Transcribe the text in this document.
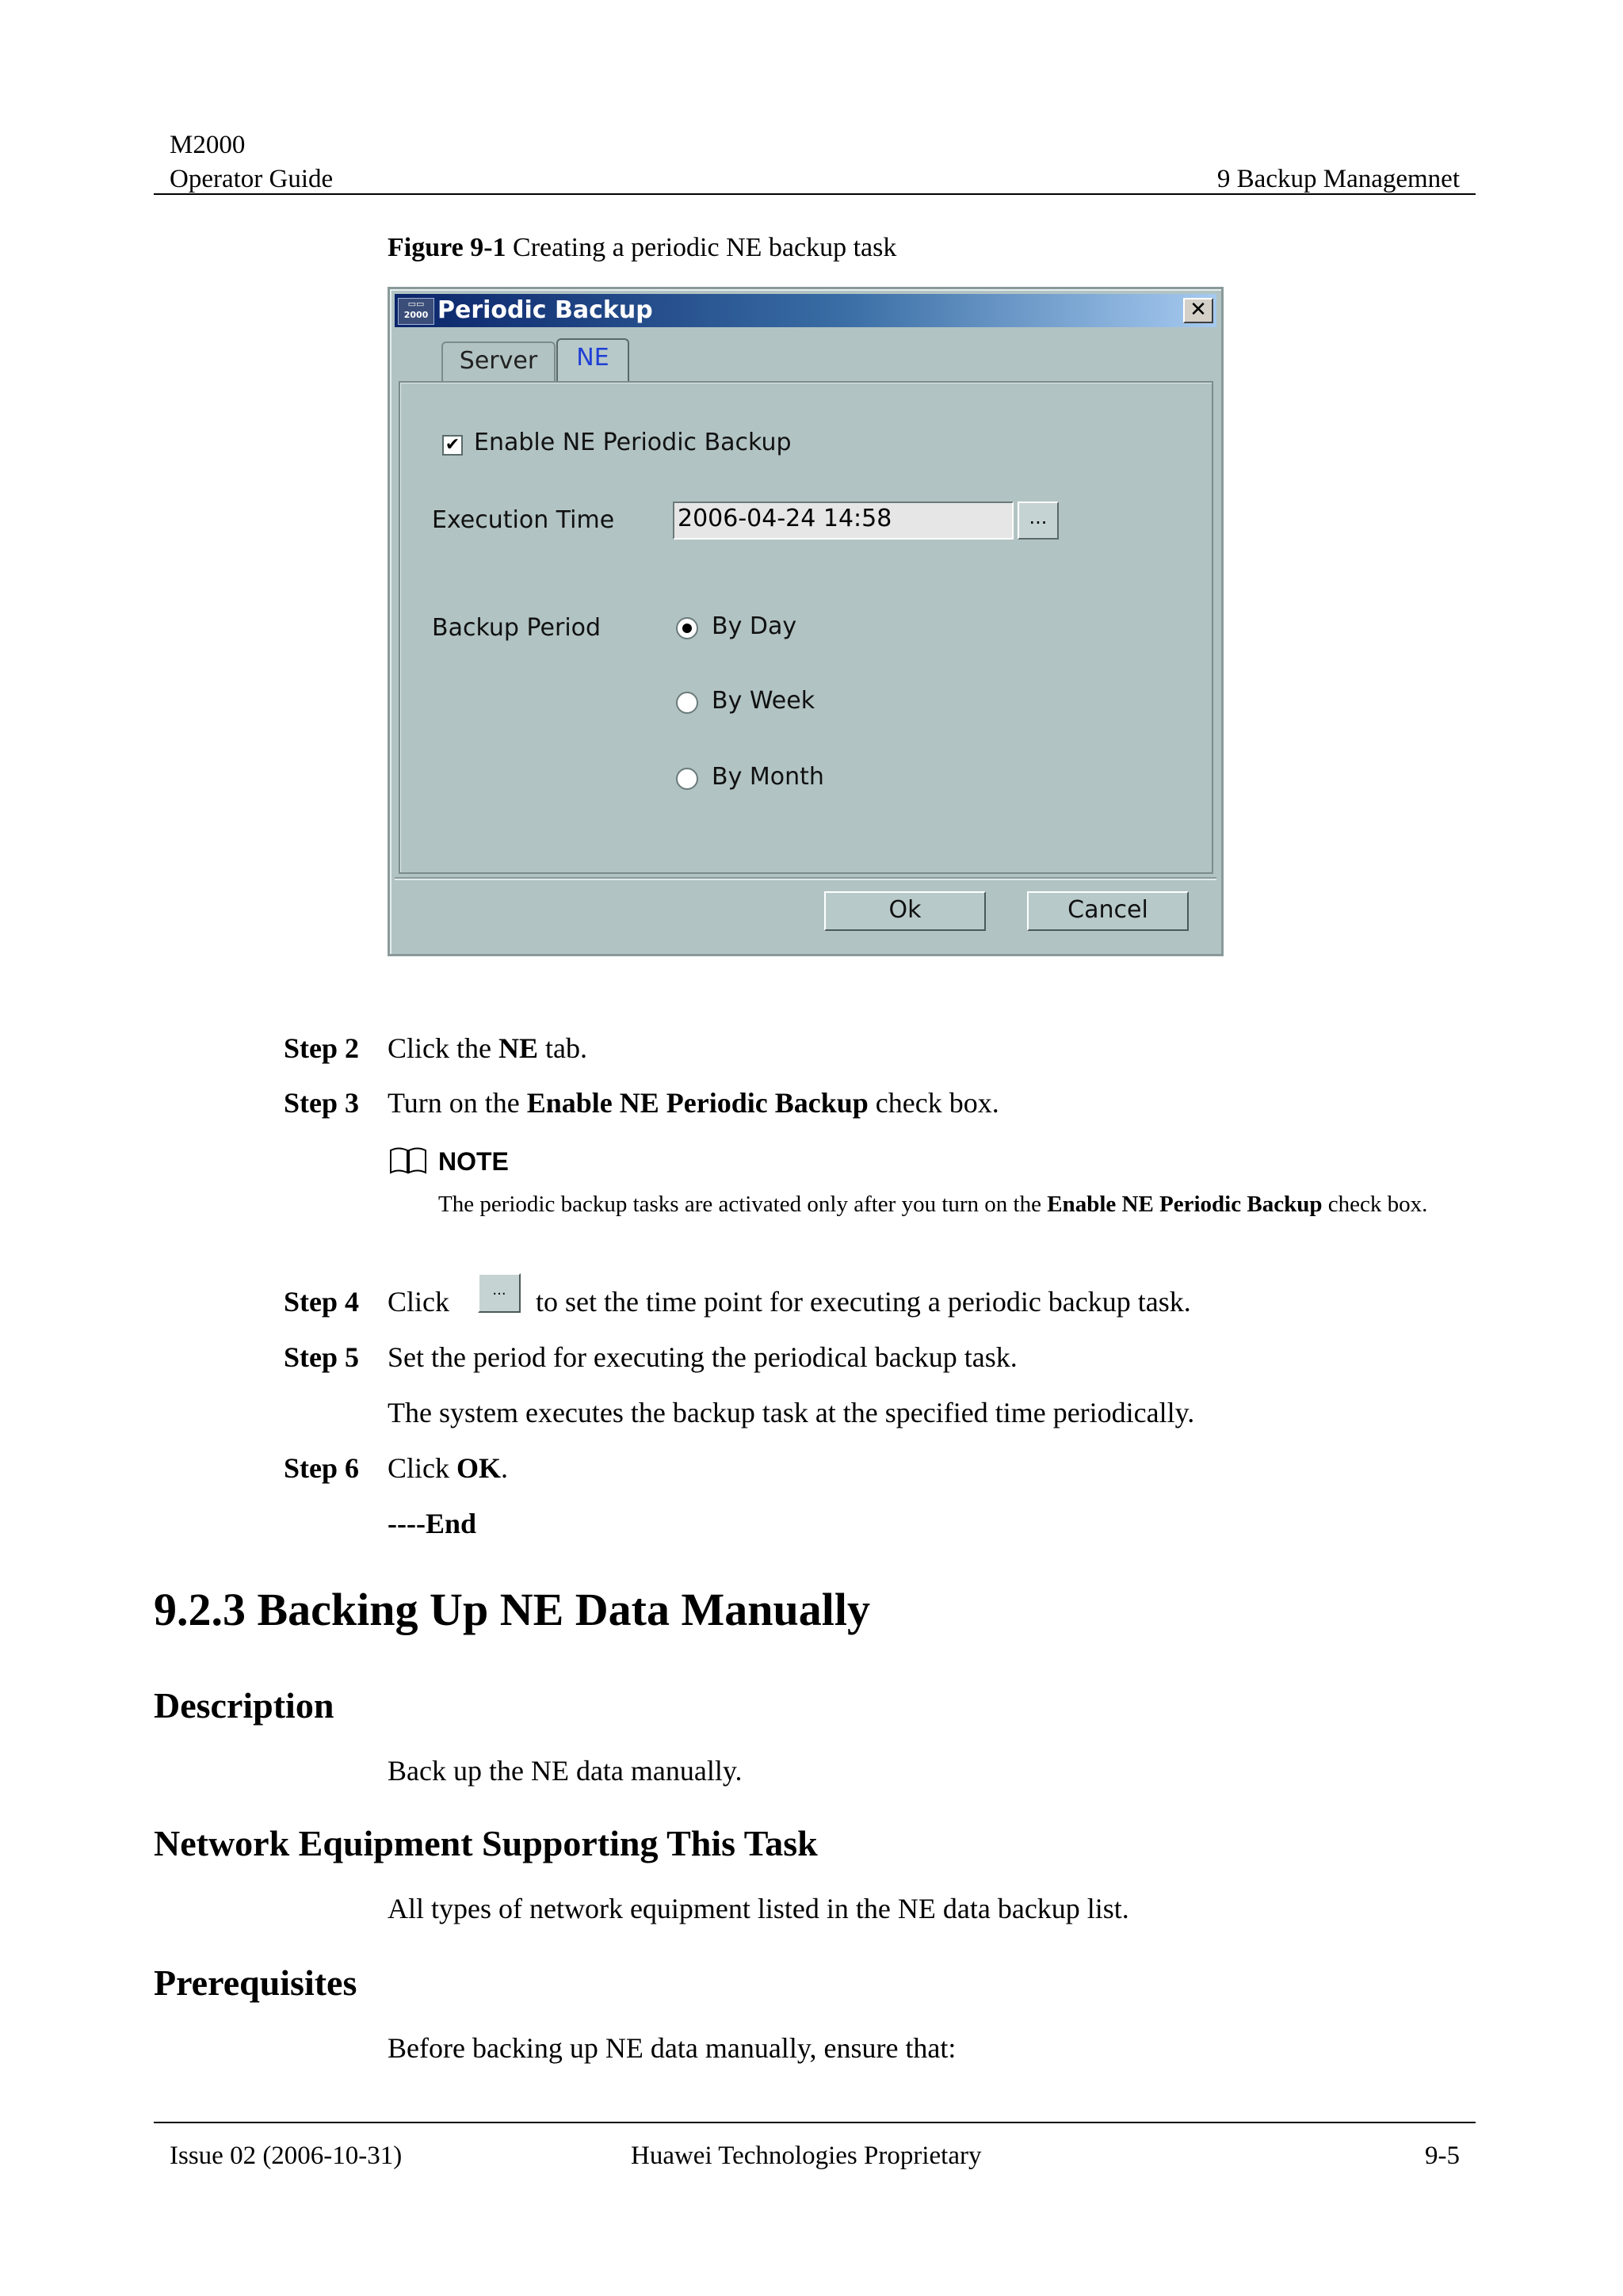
M2000
Operator Guide	9 Backup Managemnet
Figure 9-1 Creating a periodic NE backup task
▭▭
2000 Periodic Backup	✕
Server	NE
✔ Enable NE Periodic Backup
Execution Time	2006-04-24 14:58	...
Backup Period	By Day
By Week
By Month
Ok	Cancel
Step 2 Click the NE tab.
Step 3 Turn on the Enable NE Periodic Backup check box.
NOTE
The periodic backup tasks are activated only after you turn on the Enable NE Periodic Backup check box.
Step 4 Click	...	to set the time point for executing a periodic backup task.
Step 5 Set the period for executing the periodical backup task.
The system executes the backup task at the specified time periodically.
Step 6 Click OK.
----End
9.2.3 Backing Up NE Data Manually
Description
Back up the NE data manually.
Network Equipment Supporting This Task
All types of network equipment listed in the NE data backup list.
Prerequisites
Before backing up NE data manually, ensure that:
Issue 02 (2006-10-31)	Huawei Technologies Proprietary	9-5
